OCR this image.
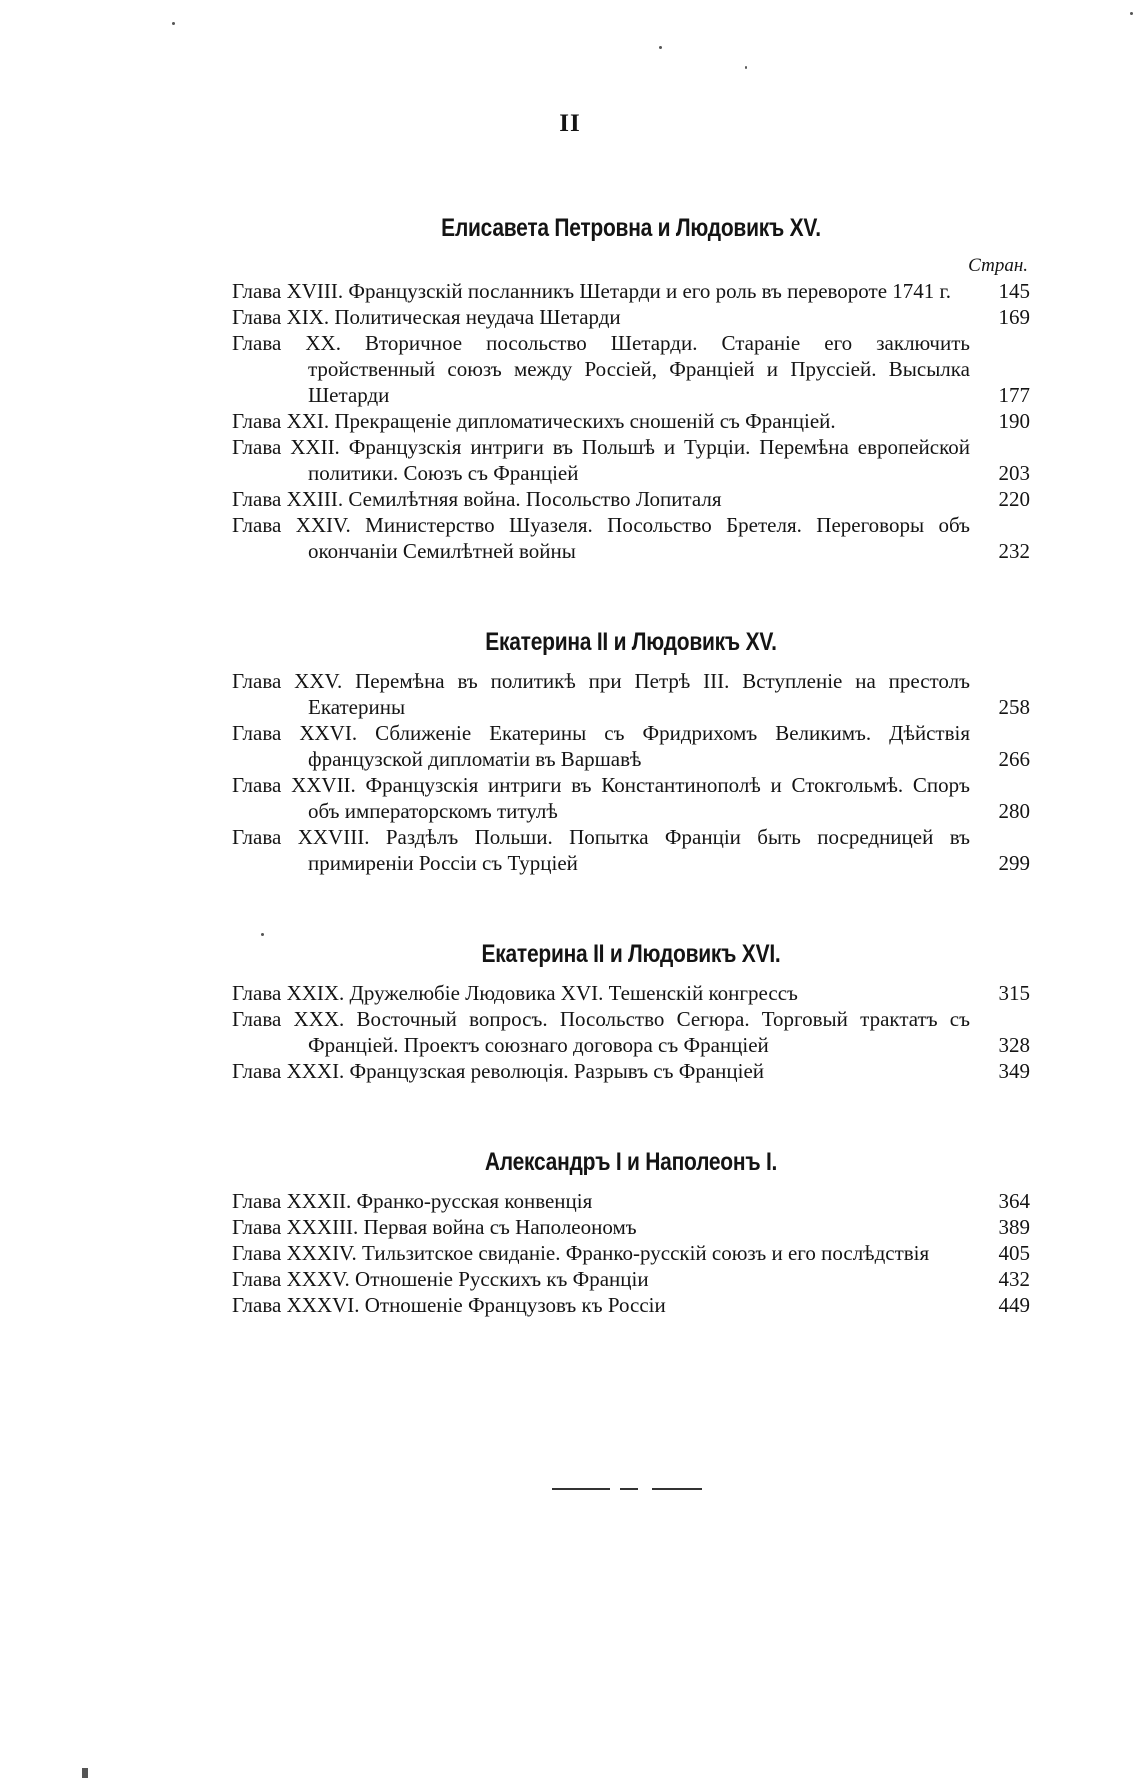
II
Елисавета Петровна и Людовикъ XV.
Стран.
Глава XVIII. Французскій посланникъ Шетарди и его роль въ перевороте 1741 г.	145
Глава XIX. Политическая неудача Шетарди	169
Глава XX. Вторичное посольство Шетарди. Стараніе его заключить тройственный союзъ между Россіей, Франціей и Пруссіей. Высылка Шетарди	177
Глава XXI. Прекращеніе дипломатическихъ сношеній съ Франціей.	190
Глава XXII. Французскія интриги въ Польшѣ и Турціи. Перемѣна европейской политики. Союзъ съ Франціей	203
Глава XXIII. Семилѣтняя война. Посольство Лопиталя	220
Глава XXIV. Министерство Шуазеля. Посольство Бретеля. Переговоры объ окончаніи Семилѣтней войны	232
Екатерина II и Людовикъ XV.
Глава XXV. Перемѣна въ политикѣ при Петрѣ III. Вступленіе на престолъ Екатерины	258
Глава XXVI. Сближеніе Екатерины съ Фридрихомъ Великимъ. Дѣйствія французской дипломатіи въ Варшавѣ	266
Глава XXVII. Французскія интриги въ Константинополѣ и Стокгольмѣ. Споръ объ императорскомъ титулѣ	280
Глава XXVIII. Раздѣлъ Польши. Попытка Франціи быть посредницей въ примиреніи Россіи съ Турціей	299
Екатерина II и Людовикъ XVI.
Глава XXIX. Дружелюбіе Людовика XVI. Тешенскій конгрессъ	315
Глава XXX. Восточный вопросъ. Посольство Сегюра. Торговый трактатъ съ Франціей. Проектъ союзнаго договора съ Франціей	328
Глава XXXI. Французская революція. Разрывъ съ Франціей	349
Александръ I и Наполеонъ I.
Глава XXXII. Франко-русская конвенція	364
Глава XXXIII. Первая война съ Наполеономъ	389
Глава XXXIV. Тильзитское свиданіе. Франко-русскій союзъ и его послѣдствія	405
Глава XXXV. Отношеніе Русскихъ къ Франціи	432
Глава XXXVI. Отношеніе Французовъ къ Россіи	449
